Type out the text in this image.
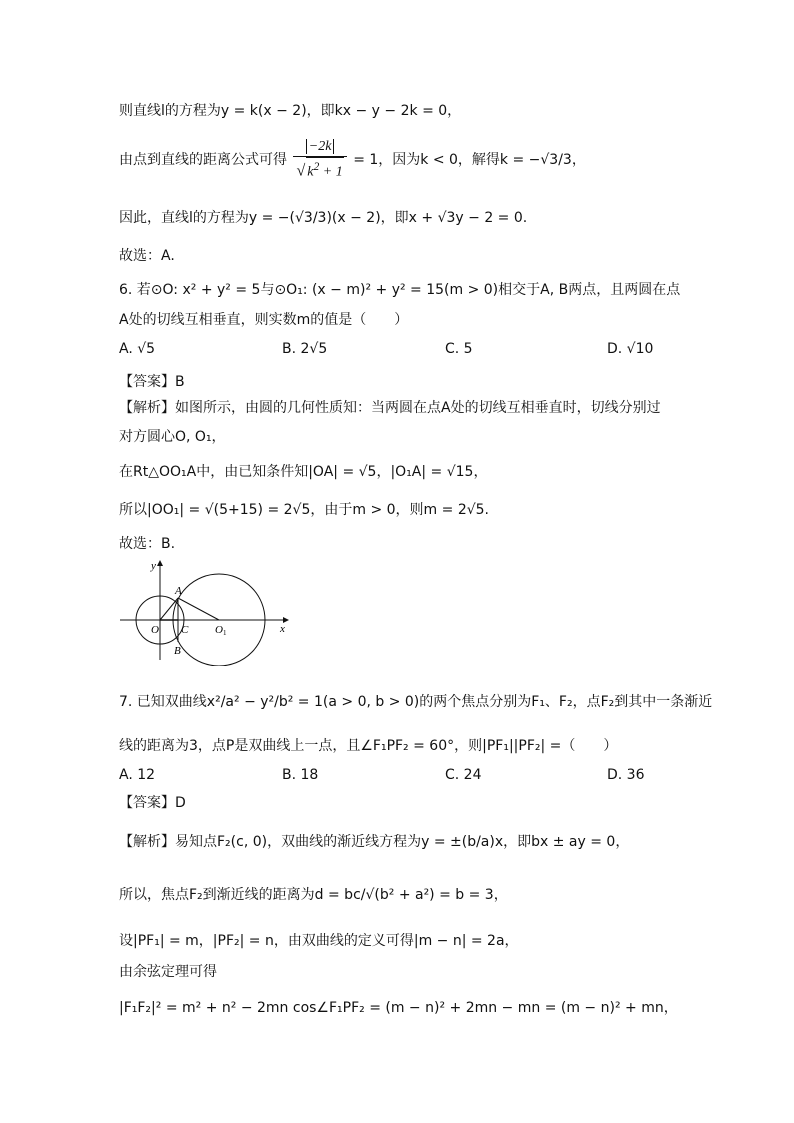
则直线l的方程为y = k(x − 2)，即kx − y − 2k = 0，
由点到直线的距离公式可得 $\frac{-2k}{√ k^2 + 1} = 1$，因为k < 0，解得k = −√3/3，
因此，直线l的方程为y = −(√3/3)(x − 2)，即x + √3y − 2 = 0.
故选：A.
6. 若⊙O: x² + y² = 5与⊙O₁: (x − m)² + y² = 15(m > 0)相交于A, B两点，且两圆在点
A处的切线互相垂直，则实数m的值是（　　）
A. √5	B. 2√5	C. 5	D. √10
【答案】B
【解析】如图所示，由圆的几何性质知：当两圆在点A处的切线互相垂直时，切线分别过
对方圆心O, O₁，
在Rt△OO₁A中，由已知条件知|OA| = √5，|O₁A| = √15，
所以|OO₁| = √(5+15) = 2√5，由于m > 0，则m = 2√5.
故选：B.
y
x
O
A
B
C O 1
7. 已知双曲线x²/a² − y²/b² = 1(a > 0, b > 0)的两个焦点分别为F₁、F₂，点F₂到其中一条渐近
线的距离为3，点P是双曲线上一点，且∠F₁PF₂ = 60°，则|PF₁||PF₂| =（　　）
A. 12	B. 18	C. 24	D. 36
【答案】D
【解析】易知点F₂(c, 0)，双曲线的渐近线方程为y = ±(b/a)x，即bx ± ay = 0，
所以，焦点F₂到渐近线的距离为d = bc/√(b² + a²) = b = 3，
设|PF₁| = m，|PF₂| = n，由双曲线的定义可得|m − n| = 2a，
由余弦定理可得
|F₁F₂|² = m² + n² − 2mn cos∠F₁PF₂ = (m − n)² + 2mn − mn = (m − n)² + mn，
